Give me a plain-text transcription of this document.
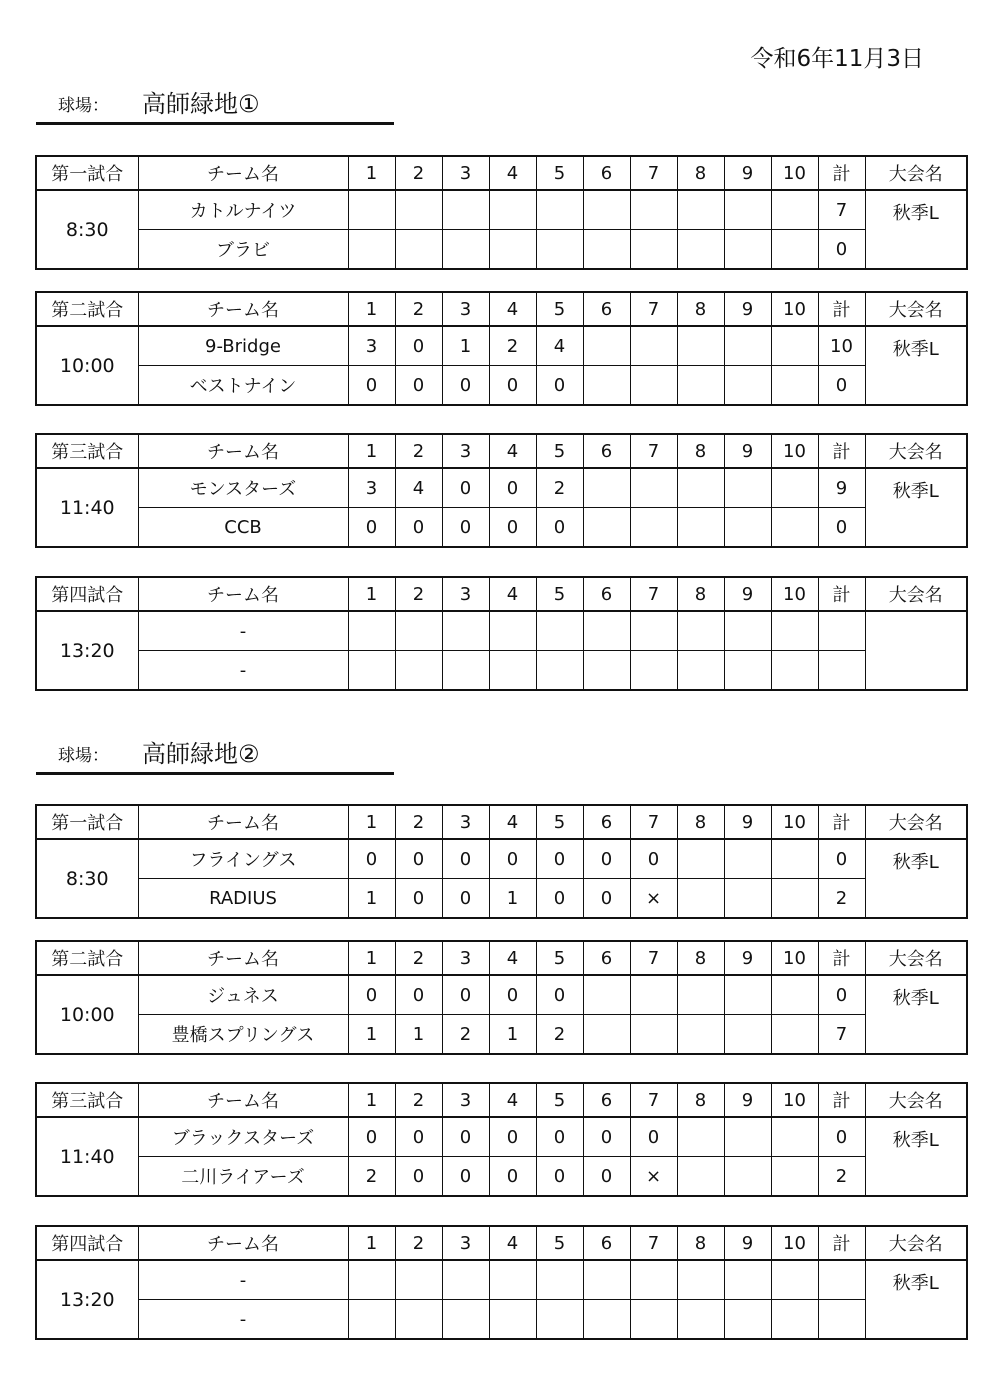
令和6年11月3日
球場： 高師緑地①
第一試合	チーム名	1	2	3	4	5	6	7	8	9	10	計	大会名
8:30	カトルナイツ											7	秋季L
	ブラビ											0	
第二試合	チーム名	1	2	3	4	5	6	7	8	9	10	計	大会名
10:00	9-Bridge	3	0	1	2	4						10	秋季L
	ベストナイン	0	0	0	0	0						0	
第三試合	チーム名	1	2	3	4	5	6	7	8	9	10	計	大会名
11:40	モンスターズ	3	4	0	0	2						9	秋季L
	CCB	0	0	0	0	0						0	
第四試合	チーム名	1	2	3	4	5	6	7	8	9	10	計	大会名
13:20	-												
	-												
球場： 高師緑地②
第一試合	チーム名	1	2	3	4	5	6	7	8	9	10	計	大会名
8:30	フライングス	0	0	0	0	0	0	0				0	秋季L
	RADIUS	1	0	0	1	0	0	×				2	
第二試合	チーム名	1	2	3	4	5	6	7	8	9	10	計	大会名
10:00	ジュネス	0	0	0	0	0						0	秋季L
	豊橋スプリングス	1	1	2	1	2						7	
第三試合	チーム名	1	2	3	4	5	6	7	8	9	10	計	大会名
11:40	ブラックスターズ	0	0	0	0	0	0	0				0	秋季L
	二川ライアーズ	2	0	0	0	0	0	×				2	
第四試合	チーム名	1	2	3	4	5	6	7	8	9	10	計	大会名
13:20	-												秋季L
	-												
